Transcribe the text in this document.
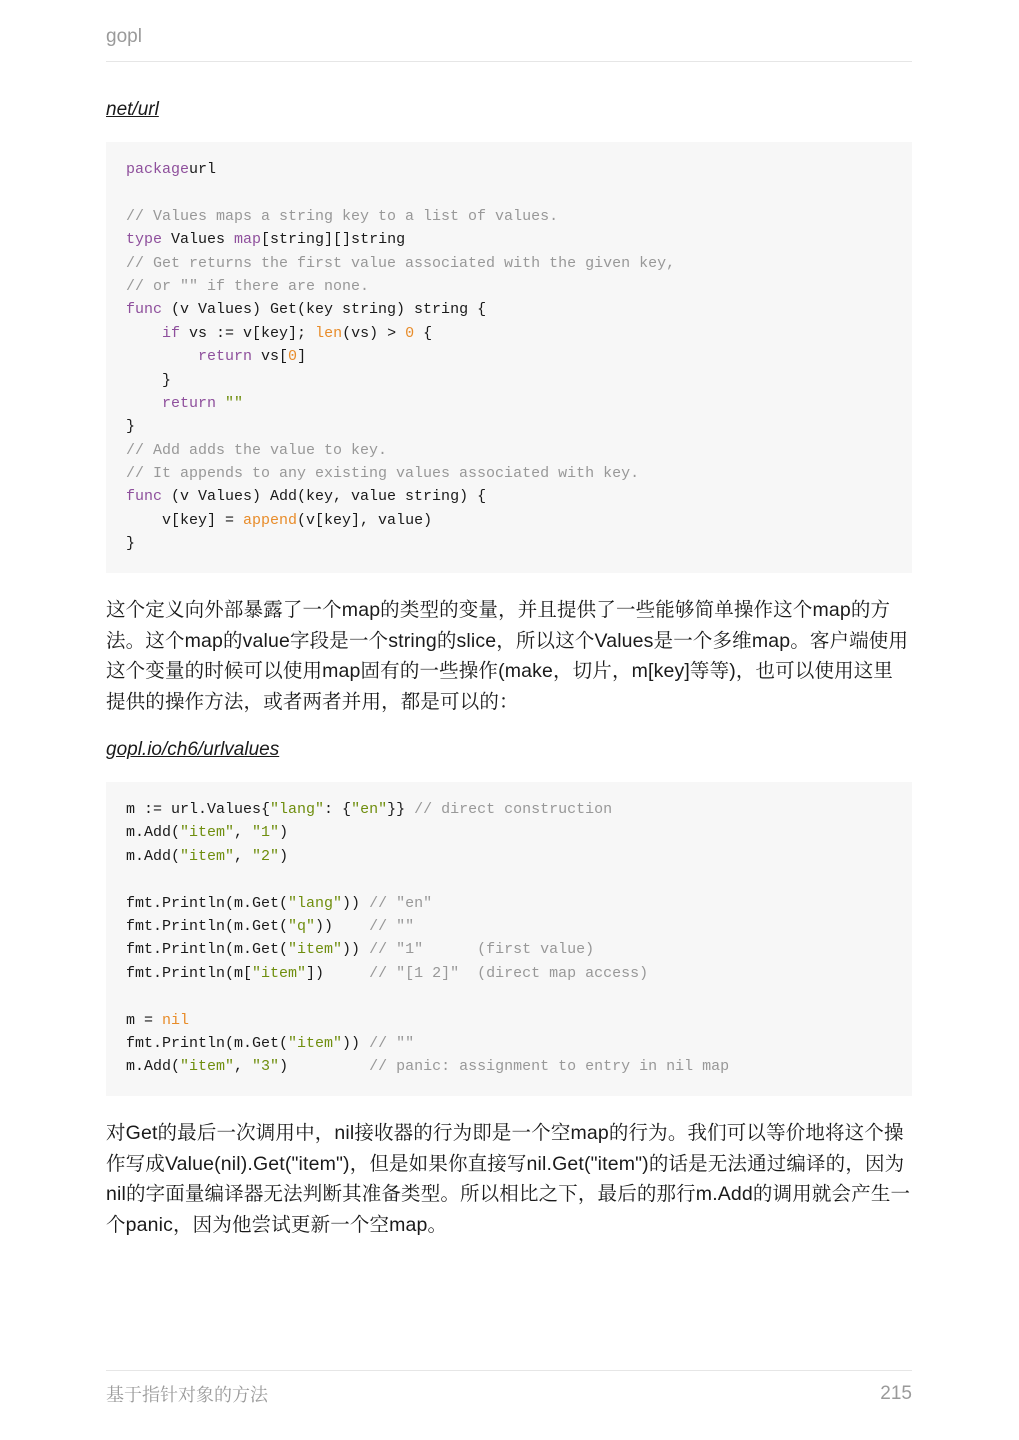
gopl
net/url
packageurl
// Values maps a string key to a list of values.
type Values map[string][]string
// Get returns the first value associated with the given key,
// or "" if there are none.
func (v Values) Get(key string) string {
if vs := v[key]; len(vs) > 0 {
return vs[0]
}
return ""
}
// Add adds the value to key.
// It appends to any existing values associated with key.
func (v Values) Add(key, value string) {
v[key] = append(v[key], value)
}
这个定义向外部暴露了一个map的类型的变量，并且提供了一些能够简单操作这个map的方法。这个map的value字段是一个string的slice，所以这个Values是一个多维map。客户端使用这个变量的时候可以使用map固有的一些操作(make，切片，m[key]等等)，也可以使用这里提供的操作方法，或者两者并用，都是可以的：
gopl.io/ch6/urlvalues
m := url.Values{"lang": {"en"}} // direct construction
m.Add("item", "1")
m.Add("item", "2")
fmt.Println(m.Get("lang")) // "en"
fmt.Println(m.Get("q")) // ""
fmt.Println(m.Get("item")) // "1"      (first value)
fmt.Println(m["item"])	// "[1 2]"  (direct map access)
m = nil
fmt.Println(m.Get("item")) // ""
m.Add("item", "3")	// panic: assignment to entry in nil map
对Get的最后一次调用中，nil接收器的行为即是一个空map的行为。我们可以等价地将这个操作写成Value(nil).Get("item")，但是如果你直接写nil.Get("item")的话是无法通过编译的，因为nil的字面量编译器无法判断其准备类型。所以相比之下，最后的那行m.Add的调用就会产生一个panic，因为他尝试更新一个空map。
基于指针对象的方法	215
